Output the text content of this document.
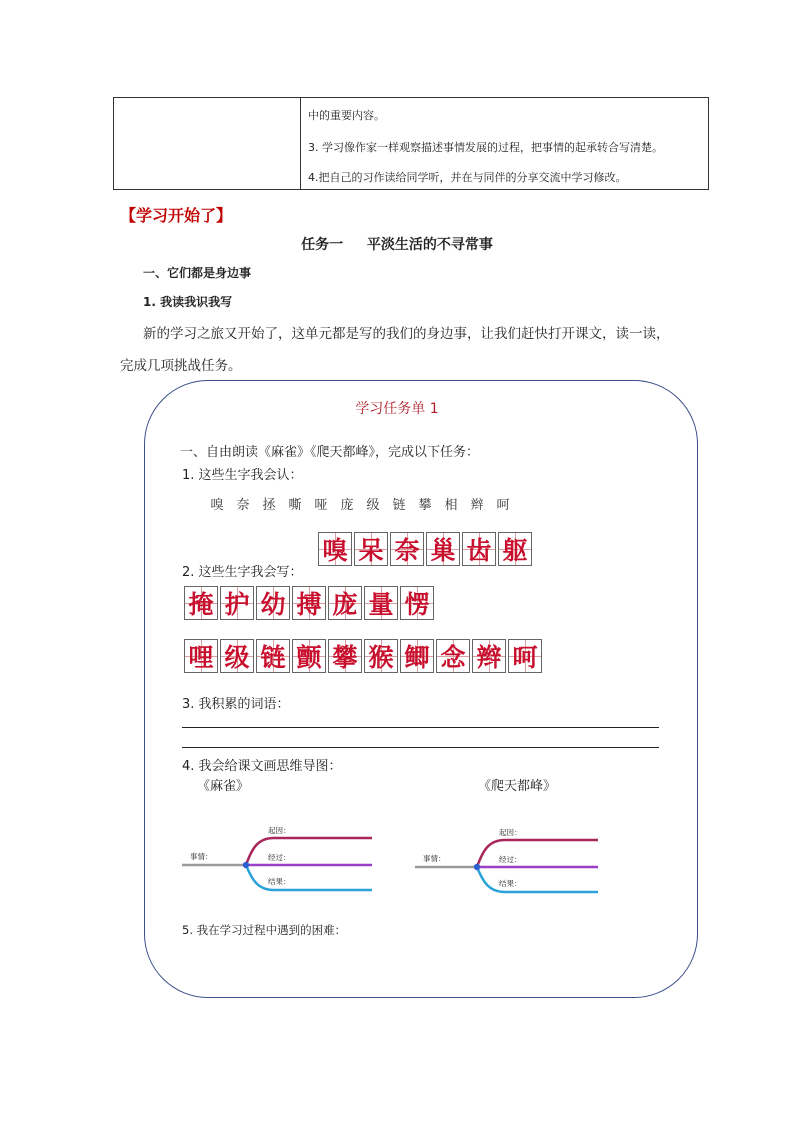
中的重要内容。
3. 学习像作家一样观察描述事情发展的过程，把事情的起承转合写清楚。
4.把自己的习作读给同学听，并在与同伴的分享交流中学习修改。
【学习开始了】
任务一　  平淡生活的不寻常事
一、它们都是身边事
1. 我读我识我写
新的学习之旅又开始了，这单元都是写的我们的身边事，让我们赶快打开课文，读一读，
完成几项挑战任务。
学习任务单 1
一、自由朗读《麻雀》《爬天都峰》，完成以下任务：
1. 这些生字我会认：
嗅 奈 拯 嘶 哑 庞 级 链 攀 相 辫 呵
2. 这些生字我会写：
嗅 呆 奈 巢 齿 躯
掩 护 幼 搏 庞 量 愣
哩 级 链 颤 攀 猴 鲫 念 辫 呵
3. 我积累的词语：
4. 我会给课文画思维导图：
《麻雀》	《爬天都峰》
事情：
起因：
经过：
结果：
事情：
起因：
经过：
结果：
5. 我在学习过程中遇到的困难：
